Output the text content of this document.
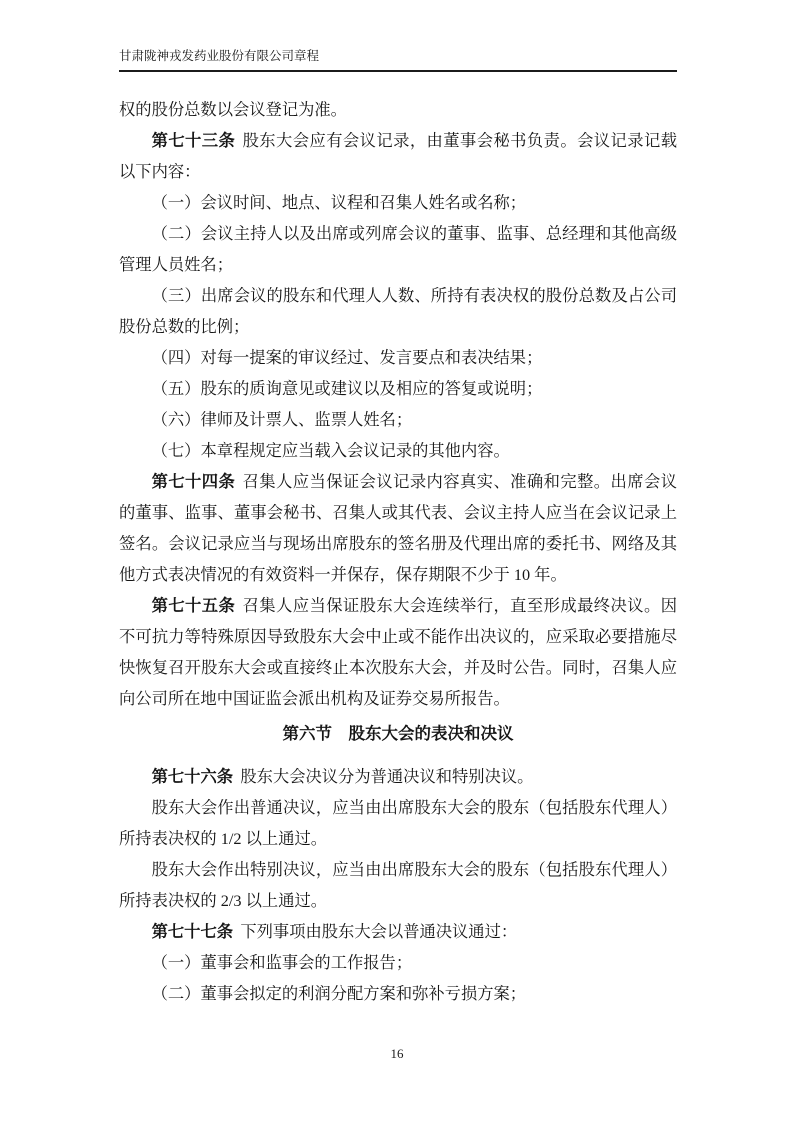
甘肃陇神戎发药业股份有限公司章程

权的股份总数以会议登记为准。

第七十三条 股东大会应有会议记录，由董事会秘书负责。会议记录记载以下内容：

（一）会议时间、地点、议程和召集人姓名或名称；

（二）会议主持人以及出席或列席会议的董事、监事、总经理和其他高级管理人员姓名；

（三）出席会议的股东和代理人人数、所持有表决权的股份总数及占公司股份总数的比例；

（四）对每一提案的审议经过、发言要点和表决结果；

（五）股东的质询意见或建议以及相应的答复或说明；

（六）律师及计票人、监票人姓名；

（七）本章程规定应当载入会议记录的其他内容。

第七十四条 召集人应当保证会议记录内容真实、准确和完整。出席会议的董事、监事、董事会秘书、召集人或其代表、会议主持人应当在会议记录上签名。会议记录应当与现场出席股东的签名册及代理出席的委托书、网络及其他方式表决情况的有效资料一并保存，保存期限不少于 10 年。

第七十五条 召集人应当保证股东大会连续举行，直至形成最终决议。因不可抗力等特殊原因导致股东大会中止或不能作出决议的，应采取必要措施尽快恢复召开股东大会或直接终止本次股东大会，并及时公告。同时，召集人应向公司所在地中国证监会派出机构及证券交易所报告。

第六节　股东大会的表决和决议

第七十六条 股东大会决议分为普通决议和特别决议。

股东大会作出普通决议，应当由出席股东大会的股东（包括股东代理人）所持表决权的 1/2 以上通过。

股东大会作出特别决议，应当由出席股东大会的股东（包括股东代理人）所持表决权的 2/3 以上通过。

第七十七条 下列事项由股东大会以普通决议通过：

（一）董事会和监事会的工作报告；

（二）董事会拟定的利润分配方案和弥补亏损方案；

16
